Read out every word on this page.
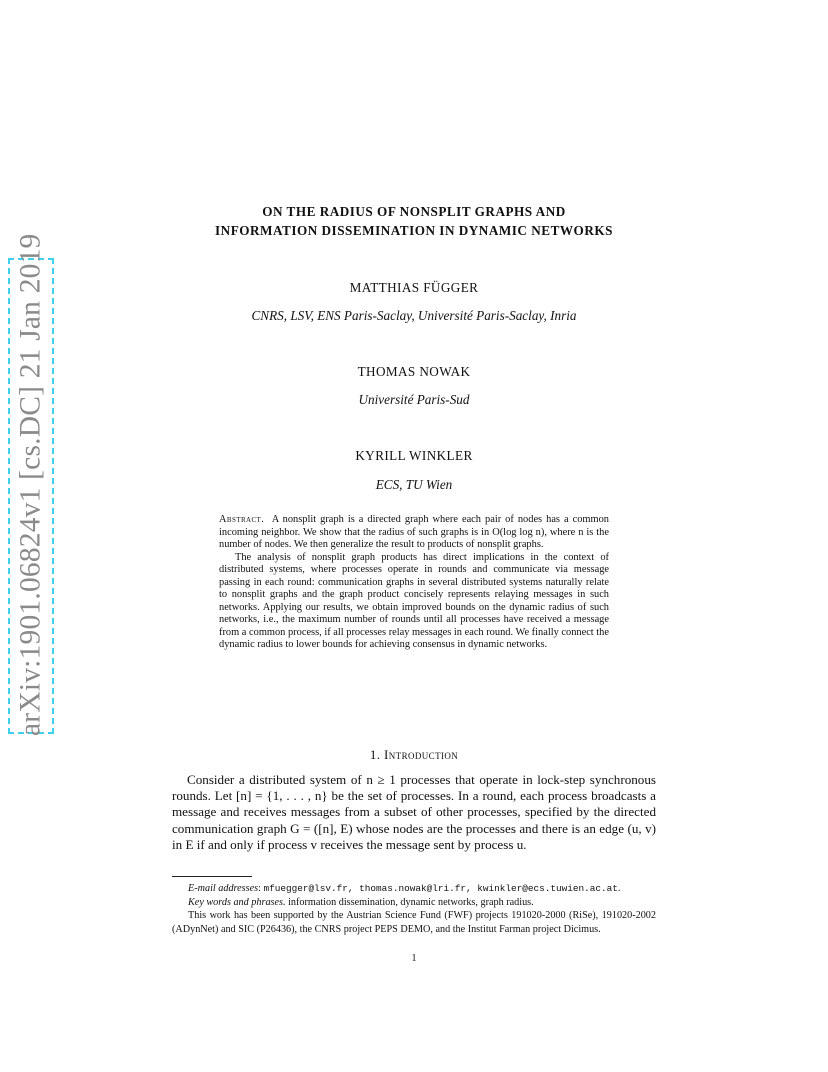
arXiv:1901.06824v1 [cs.DC] 21 Jan 2019
ON THE RADIUS OF NONSPLIT GRAPHS AND
INFORMATION DISSEMINATION IN DYNAMIC NETWORKS
MATTHIAS FÜGGER
CNRS, LSV, ENS Paris-Saclay, Université Paris-Saclay, Inria
THOMAS NOWAK
Université Paris-Sud
KYRILL WINKLER
ECS, TU Wien

Abstract. A nonsplit graph is a directed graph where each pair of nodes has a common incoming neighbor. We show that the radius of such graphs is in O(log log n), where n is the number of nodes. We then generalize the result to products of nonsplit graphs.

The analysis of nonsplit graph products has direct implications in the context of distributed systems, where processes operate in rounds and communicate via message passing in each round: communication graphs in several distributed systems naturally relate to nonsplit graphs and the graph product concisely represents relaying messages in such networks. Applying our results, we obtain improved bounds on the dynamic radius of such networks, i.e., the maximum number of rounds until all processes have received a message from a common process, if all processes relay messages in each round. We finally connect the dynamic radius to lower bounds for achieving consensus in dynamic networks.

1. Introduction

Consider a distributed system of n ≥ 1 processes that operate in lock-step synchronous rounds. Let [n] = {1, . . . , n} be the set of processes. In a round, each process broadcasts a message and receives messages from a subset of other processes, specified by the directed communication graph G = ([n], E) whose nodes are the processes and there is an edge (u, v) in E if and only if process v receives the message sent by process u.

E-mail addresses: mfuegger@lsv.fr, thomas.nowak@lri.fr, kwinkler@ecs.tuwien.ac.at.

Key words and phrases. information dissemination, dynamic networks, graph radius.

This work has been supported by the Austrian Science Fund (FWF) projects 191020-2000 (RiSe), 191020-2002 (ADynNet) and SIC (P26436), the CNRS project PEPS DEMO, and the Institut Farman project Dicimus.

1
